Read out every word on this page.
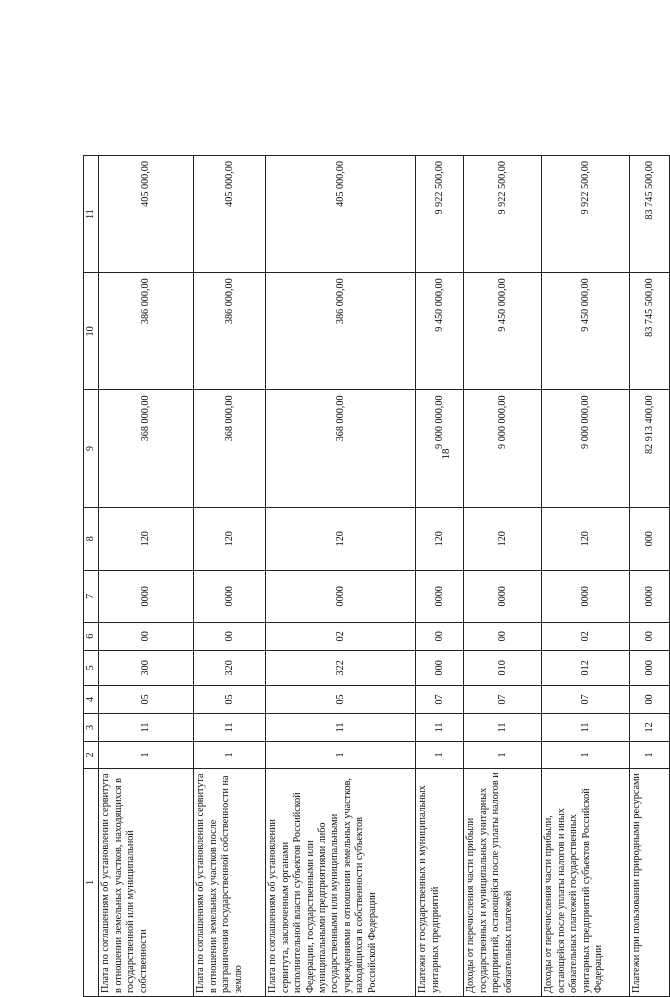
18
1	2	3	4	5	6	7	8	9	10	11
Плата по соглашениям об установлении сервитута в отношении земельных участков, находящихся в государственной или муниципальной собственности	1	11	05	300	00	0000	120	368 000,00	386 000,00	405 000,00
Плата по соглашениям об установлении сервитута в отношении земельных участков после разграничения государственной собственности на землю	1	11	05	320	00	0000	120	368 000,00	386 000,00	405 000,00
Плата по соглашениям об установлении сервитута, заключенным органами исполнительной власти субъектов Российской Федерации, государственными или муниципальными предприятиями либо государственными или муниципальными учреждениями в отношении земельных участков, находящихся в собственности субъектов Российской Федерации	1	11	05	322	02	0000	120	368 000,00	386 000,00	405 000,00
Платежи от государственных и муниципальных унитарных предприятий	1	11	07	000	00	0000	120	9 000 000,00	9 450 000,00	9 922 500,00
Доходы от перечисления части прибыли государственных и муниципальных унитарных предприятий, остающейся после уплаты налогов и обязательных платежей	1	11	07	010	00	0000	120	9 000 000,00	9 450 000,00	9 922 500,00
Доходы от перечисления части прибыли, остающейся после уплаты налогов и иных обязательных платежей государственных унитарных предприятий субъектов Российской Федерации	1	11	07	012	02	0000	120	9 000 000,00	9 450 000,00	9 922 500,00
Платежи при пользовании природными ресурсами	1	12	00	000	00	0000	000	82 913 400,00	83 745 500,00	83 745 500,00
